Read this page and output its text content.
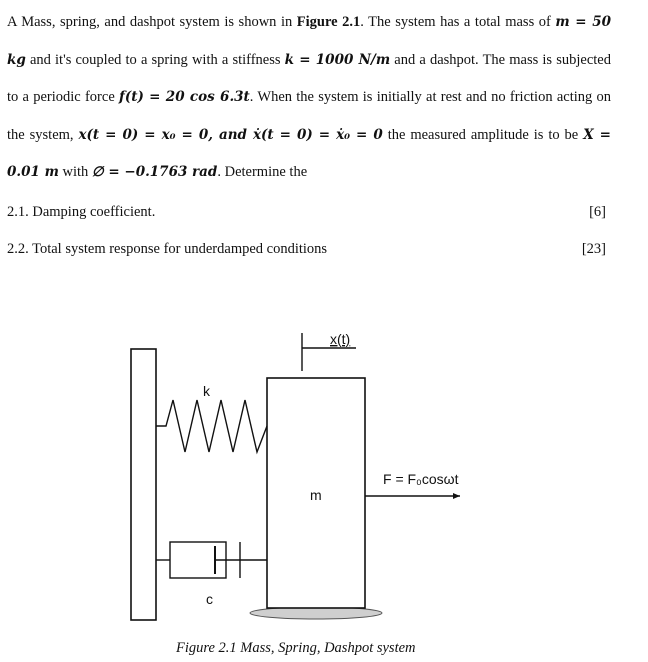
A Mass, spring, and dashpot system is shown in Figure 2.1. The system has a total mass of m = 50 kg and it's coupled to a spring with a stiffness k = 1000 N/m and a dashpot. The mass is subjected to a periodic force f(t) = 20 cos 6.3t. When the system is initially at rest and no friction acting on the system, x(t = 0) = x₀ = 0, and ẋ(t = 0) = ẋ₀ = 0 the measured amplitude is to be X = 0.01 m with ∅ = −0.1763 rad. Determine the

2.1. Damping coefficient.	[6]
2.2. Total system response for underdamped conditions	[23]
x(t)
k
c
m
F = F₀cosωt
Figure 2.1 Mass, Spring, Dashpot system
